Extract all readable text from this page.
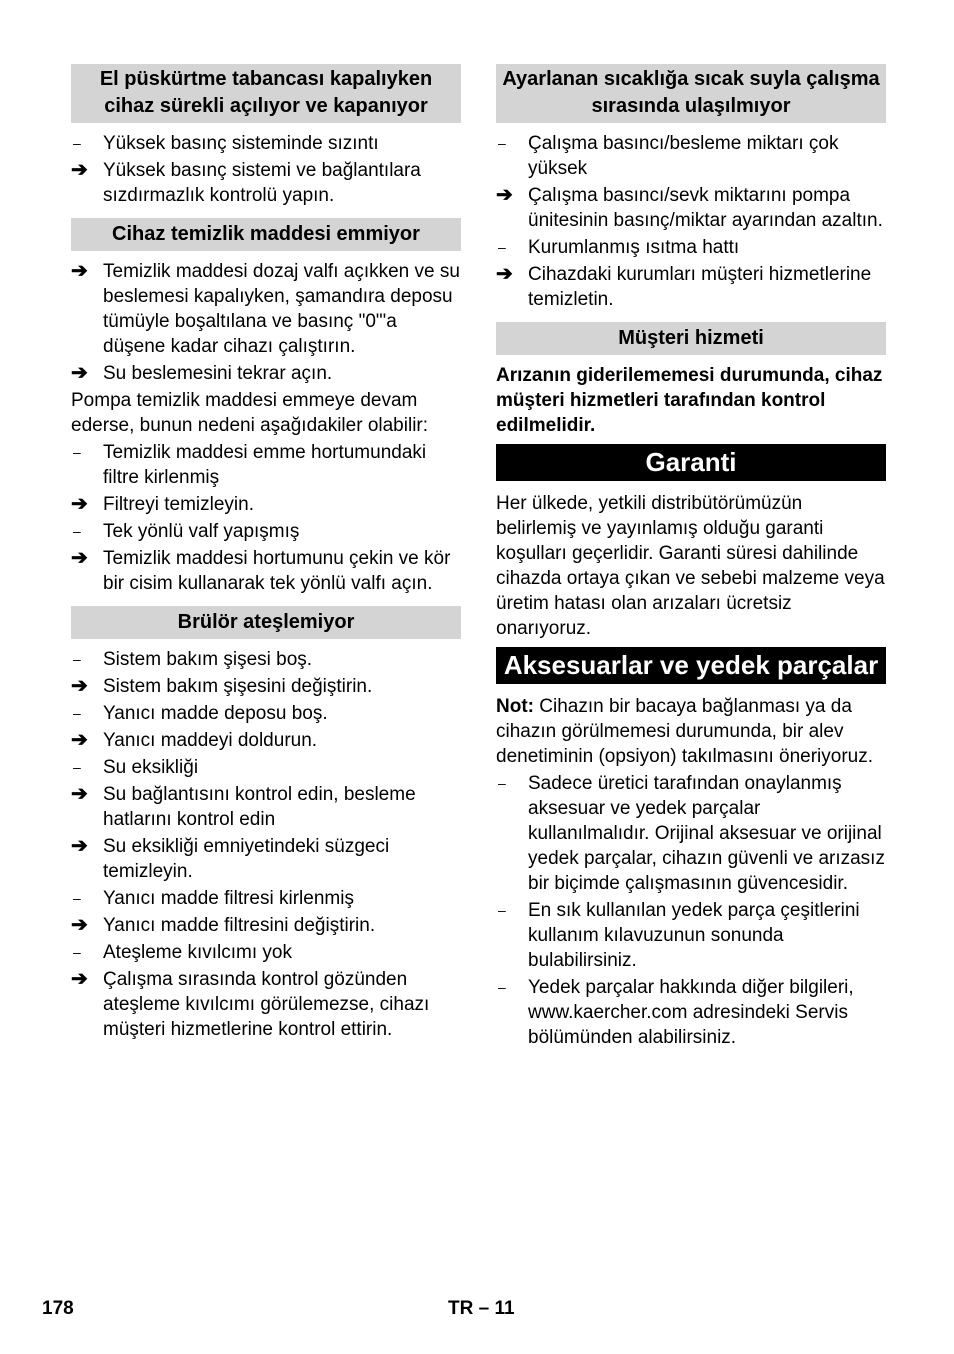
El püskürtme tabancası kapalıyken cihaz sürekli açılıyor ve kapanıyor
–	Yüksek basınç sisteminde sızıntı
➔ Yüksek basınç sistemi ve bağlantılara sızdırmazlık kontrolü yapın.
Cihaz temizlik maddesi emmiyor
➔ Temizlik maddesi dozaj valfı açıkken ve su beslemesi kapalıyken, şamandıra deposu tümüyle boşaltılana ve basınç "0"'a düşene kadar cihazı çalıştırın.
➔ Su beslemesini tekrar açın.
Pompa temizlik maddesi emmeye devam ederse, bunun nedeni aşağıdakiler olabilir:
–	Temizlik maddesi emme hortumundaki filtre kirlenmiş
➔ Filtreyi temizleyin.
–	Tek yönlü valf yapışmış
➔ Temizlik maddesi hortumunu çekin ve kör bir cisim kullanarak tek yönlü valfı açın.
Brülör ateşlemiyor
–	Sistem bakım şişesi boş.
➔ Sistem bakım şişesini değiştirin.
–	Yanıcı madde deposu boş.
➔ Yanıcı maddeyi doldurun.
–	Su eksikliği
➔ Su bağlantısını kontrol edin, besleme hatlarını kontrol edin
➔ Su eksikliği emniyetindeki süzgeci temizleyin.
–	Yanıcı madde filtresi kirlenmiş
➔ Yanıcı madde filtresini değiştirin.
–	Ateşleme kıvılcımı yok
➔ Çalışma sırasında kontrol gözünden ateşleme kıvılcımı görülemezse, cihazı müşteri hizmetlerine kontrol ettirin.
Ayarlanan sıcaklığa sıcak suyla çalışma sırasında ulaşılmıyor
–	Çalışma basıncı/besleme miktarı çok yüksek
➔ Çalışma basıncı/sevk miktarını pompa ünitesinin basınç/miktar ayarından azaltın.
–	Kurumlanmış ısıtma hattı
➔ Cihazdaki kurumları müşteri hizmetlerine temizletin.
Müşteri hizmeti
Arızanın giderilememesi durumunda, cihaz müşteri hizmetleri tarafından kontrol edilmelidir.
Garanti
Her ülkede, yetkili distribütörümüzün belirlemiş ve yayınlamış olduğu garanti koşulları geçerlidir. Garanti süresi dahilinde cihazda ortaya çıkan ve sebebi malzeme veya üretim hatası olan arızaları ücretsiz onarıyoruz.
Aksesuarlar ve yedek parçalar
Not: Cihazın bir bacaya bağlanması ya da cihazın görülmemesi durumunda, bir alev denetiminin (opsiyon) takılmasını öneriyoruz.
–	Sadece üretici tarafından onaylanmış aksesuar ve yedek parçalar kullanılmalıdır. Orijinal aksesuar ve orijinal yedek parçalar, cihazın güvenli ve arızasız bir biçimde çalışmasının güvencesidir.
–	En sık kullanılan yedek parça çeşitlerini kullanım kılavuzunun sonunda bulabilirsiniz.
–	Yedek parçalar hakkında diğer bilgileri, www.kaercher.com adresindeki Servis bölümünden alabilirsiniz.
178	TR – 11
